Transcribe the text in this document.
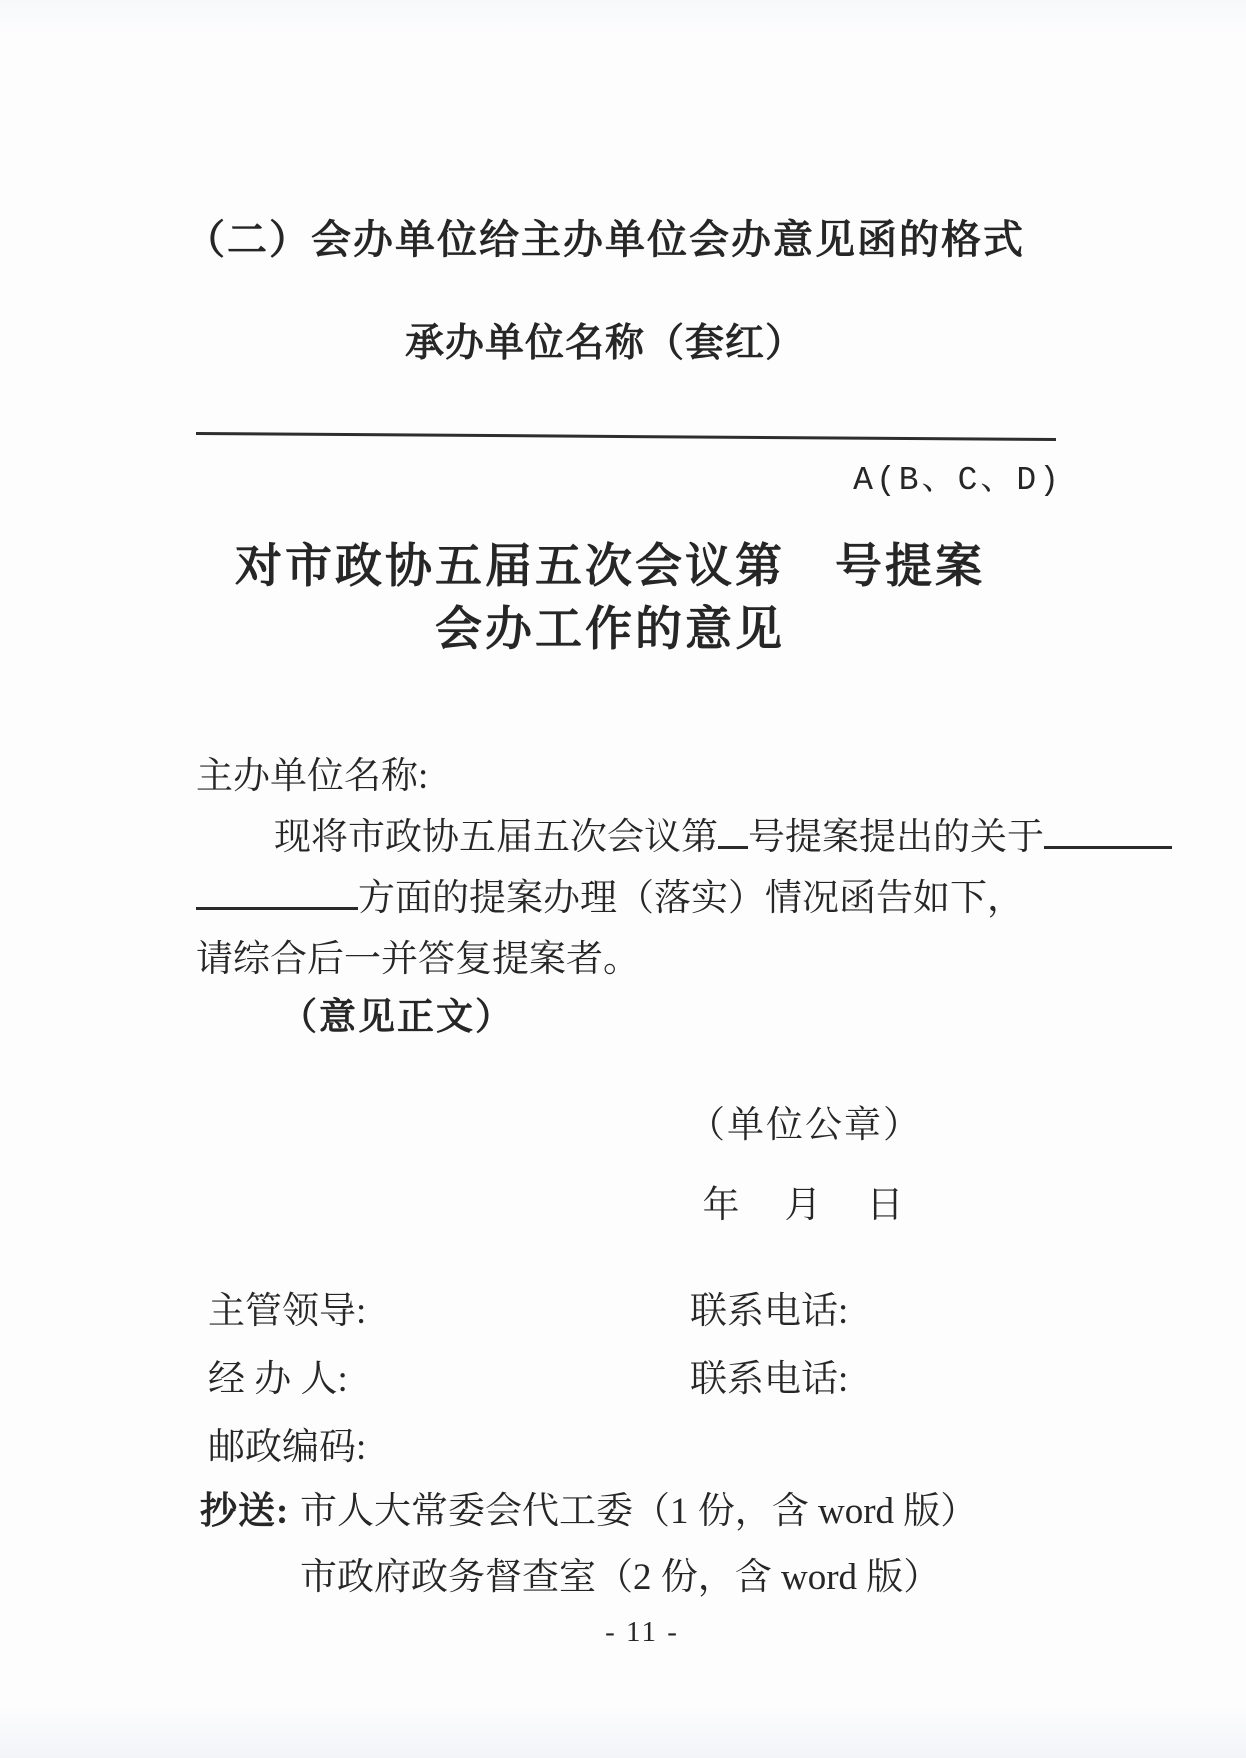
（二）会办单位给主办单位会办意见函的格式
承办单位名称（套红）
A(B、C、D)
对市政协五届五次会议第　号提案
会办工作的意见
主办单位名称:
现将市政协五届五次会议第 号提案提出的关于
方面的提案办理（落实）情况函告如下，
请综合后一并答复提案者。
（意见正文）
（单位公章）
年　月　日
主管领导:	联系电话:
经 办 人:	联系电话:
邮政编码:
抄送: 市人大常委会代工委（1 份，含 word 版）
市政府政务督查室（2 份，含 word 版）
- 11 -
